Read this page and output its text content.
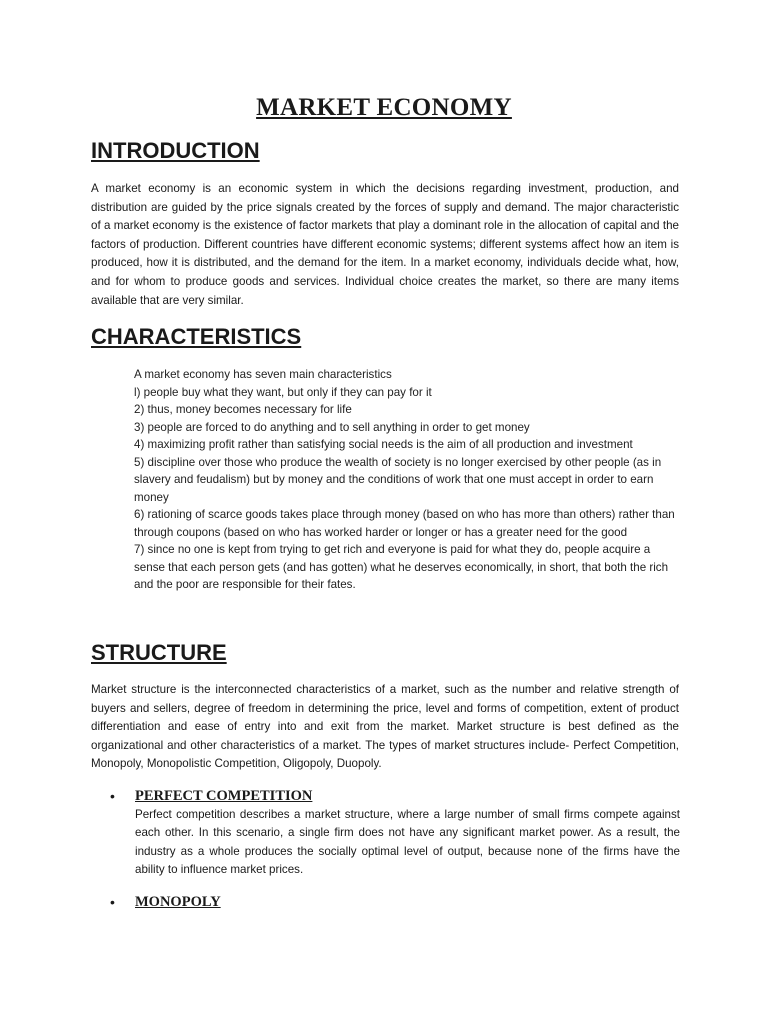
MARKET ECONOMY
INTRODUCTION

A market economy is an economic system in which the decisions regarding investment, production, and distribution are guided by the price signals created by the forces of supply and demand. The major characteristic of a market economy is the existence of factor markets that play a dominant role in the allocation of capital and the factors of production. Different countries have different economic systems; different systems affect how an item is produced, how it is distributed, and the demand for the item. In a market economy, individuals decide what, how, and for whom to produce goods and services. Individual choice creates the market, so there are many items available that are very similar.

CHARACTERISTICS
A market economy has seven main characteristics
l) people buy what they want, but only if they can pay for it
2) thus, money becomes necessary for life
3) people are forced to do anything and to sell anything in order to get money
4) maximizing profit rather than satisfying social needs is the aim of all production and investment
5) discipline over those who produce the wealth of society is no longer exercised by other people (as in slavery and feudalism) but by money and the conditions of work that one must accept in order to earn money
6) rationing of scarce goods takes place through money (based on who has more than others) rather than through coupons (based on who has worked harder or longer or has a greater need for the good
7) since no one is kept from trying to get rich and everyone is paid for what they do, people acquire a sense that each person gets (and has gotten) what he deserves economically, in short, that both the rich and the poor are responsible for their fates.
STRUCTURE

Market structure is the interconnected characteristics of a market, such as the number and relative strength of buyers and sellers, degree of freedom in determining the price, level and forms of competition, extent of product differentiation and ease of entry into and exit from the market. Market structure is best defined as the organizational and other characteristics of a market. The types of market structures include- Perfect Competition, Monopoly, Monopolistic Competition, Oligopoly, Duopoly.

• PERFECT COMPETITION

Perfect competition describes a market structure, where a large number of small firms compete against each other. In this scenario, a single firm does not have any significant market power. As a result, the industry as a whole produces the socially optimal level of output, because none of the firms have the ability to influence market prices.

• MONOPOLY
